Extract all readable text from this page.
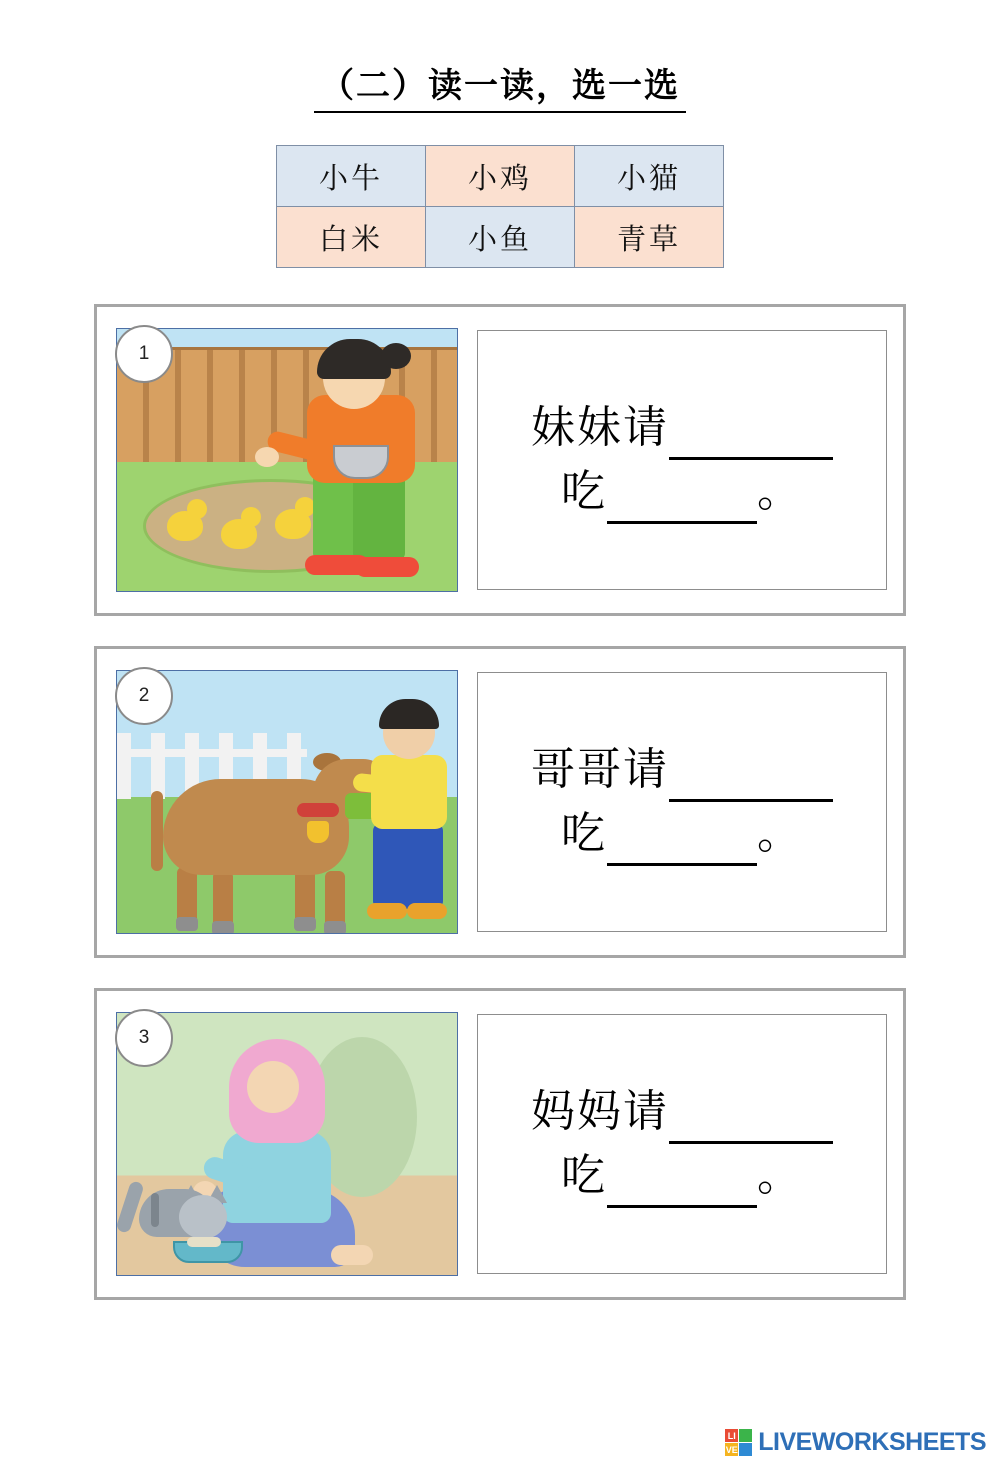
（二）读一读，选一选
小牛	小鸡	小猫
白米	小鱼	青草
1
妹妹请
吃	。
2
哥哥请
吃	。
3
妈妈请
吃	。
LI
VE LIVEWORKSHEETS
